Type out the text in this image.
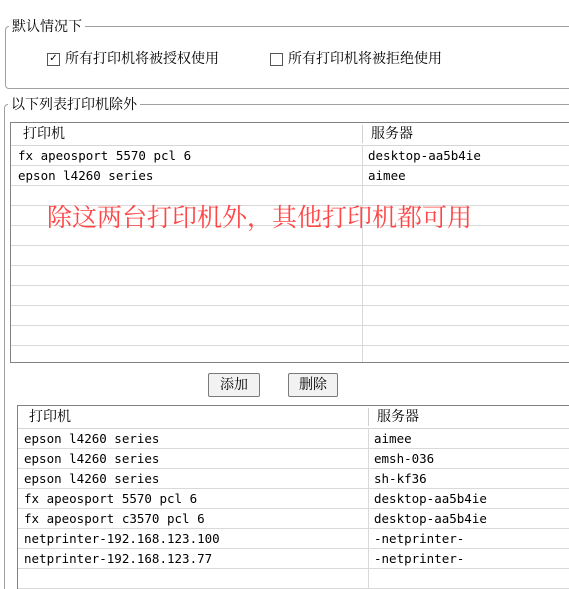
默认情况下
✓ 所有打印机将被授权使用	所有打印机将被拒绝使用
以下列表打印机除外
打印机	服务器
fx apeosport 5570 pcl 6	desktop-aa5b4ie
epson l4260 series	aimee
除这两台打印机外，其他打印机都可用
添加	删除
打印机	服务器
epson l4260 series	aimee
epson l4260 series	emsh-036
epson l4260 series	sh-kf36
fx apeosport 5570 pcl 6	desktop-aa5b4ie
fx apeosport c3570 pcl 6	desktop-aa5b4ie
netprinter-192.168.123.100	-netprinter-
netprinter-192.168.123.77	-netprinter-
